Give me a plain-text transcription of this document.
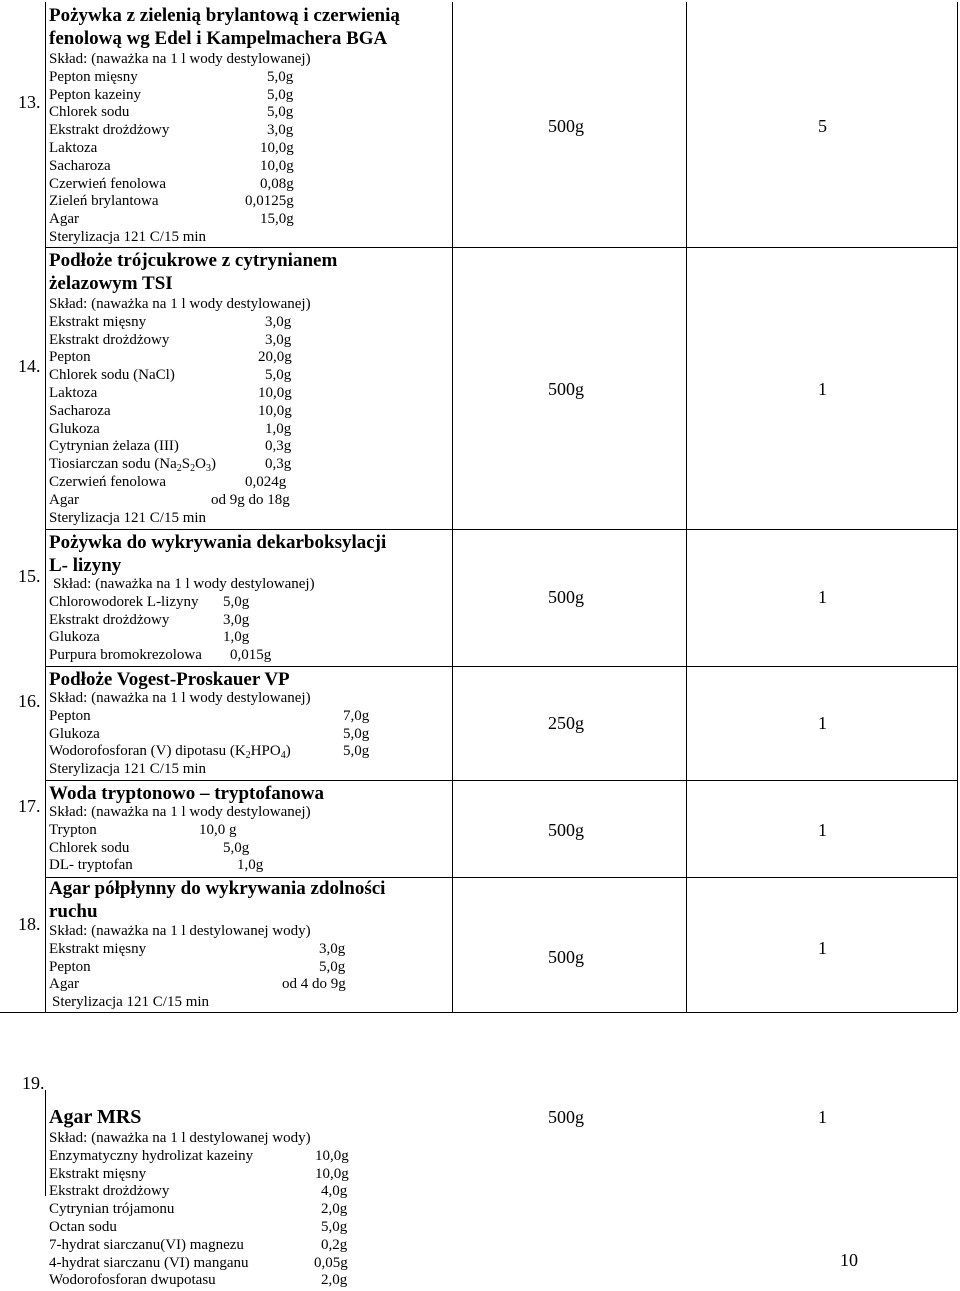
13.
Pożywka z zielenią brylantową i czerwienią
fenolową wg Edel i Kampelmachera BGA
Skład: (naważka na 1 l wody destylowanej)
Pepton mięsny	5,0g
Pepton kazeiny	5,0g
Chlorek sodu	5,0g
Ekstrakt drożdżowy	3,0g
Laktoza	10,0g
Sacharoza	10,0g
Czerwień fenolowa	0,08g
Zieleń brylantowa	0,0125g
Agar	15,0g
Sterylizacja 121 C/15 min
500g	5
14.
Podłoże trójcukrowe z cytrynianem
żelazowym TSI
Skład: (naważka na 1 l wody destylowanej)
Ekstrakt mięsny	3,0g
Ekstrakt drożdżowy	3,0g
Pepton	20,0g
Chlorek sodu (NaCl)	5,0g
Laktoza	10,0g
Sacharoza	10,0g
Glukoza	1,0g
Cytrynian żelaza (III)	0,3g
Tiosiarczan sodu $(Na_2S_2O_3)$	0,3g
Czerwień fenolowa	0,024g
Agar	od 9g do 18g
Sterylizacja 121 C/15 min
500g	1
15.
Pożywka do wykrywania dekarboksylacji
L- lizyny
Skład: (naważka na 1 l wody destylowanej)
Chlorowodorek L-lizyny 5,0g
Ekstrakt drożdżowy	3,0g
Glukoza	1,0g
Purpura bromokrezolowa 0,015g
500g	1
16.
Podłoże Vogest-Proskauer VP
Skład: (naważka na 1 l wody destylowanej)
Pepton	7,0g
Glukoza	5,0g
Wodorofosforan (V) dipotasu $(K_2HPO_4)$	5,0g
Sterylizacja 121 C/15 min
250g	1
17.
Woda tryptonowo – tryptofanowa
Skład: (naważka na 1 l wody destylowanej)
Trypton	10,0 g
Chlorek sodu	5,0g
DL- tryptofan	1,0g
500g	1
18.
Agar półpłynny do wykrywania zdolności
ruchu
Skład: (naważka na 1 l destylowanej wody)
Ekstrakt mięsny	3,0g
Pepton	5,0g
Agar	od 4 do 9g
Sterylizacja 121 C/15 min
500g	1
19.
Agar MRS
Skład: (naważka na 1 l destylowanej wody)
Enzymatyczny hydrolizat kazeiny	10,0g
Ekstrakt mięsny	10,0g
Ekstrakt drożdżowy	4,0g
Cytrynian trójamonu	2,0g
Octan sodu	5,0g
7-hydrat siarczanu(VI) magnezu	0,2g
4-hydrat siarczanu (VI) manganu	0,05g
Wodorofosforan dwupotasu	2,0g
500g	1
10
